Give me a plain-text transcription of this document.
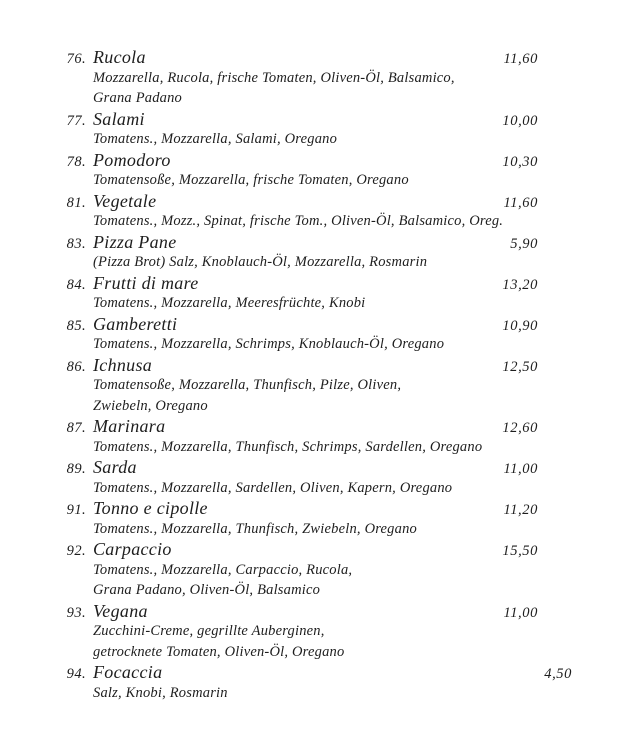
76. Rucola	11,60
Mozzarella, Rucola, frische Tomaten, Oliven-Öl, Balsamico,
Grana Padano
77. Salami	10,00
Tomatens., Mozzarella, Salami, Oregano
78. Pomodoro	10,30
Tomatensoße, Mozzarella, frische Tomaten, Oregano
81. Vegetale	11,60
Tomatens., Mozz., Spinat, frische Tom., Oliven-Öl, Balsamico, Oreg.
83. Pizza Pane	5,90
(Pizza Brot) Salz, Knoblauch-Öl, Mozzarella, Rosmarin
84. Frutti di mare	13,20
Tomatens., Mozzarella, Meeresfrüchte, Knobi
85. Gamberetti	10,90
Tomatens., Mozzarella, Schrimps, Knoblauch-Öl, Oregano
86. Ichnusa	12,50
Tomatensoße, Mozzarella, Thunfisch, Pilze, Oliven,
Zwiebeln, Oregano
87. Marinara	12,60
Tomatens., Mozzarella, Thunfisch, Schrimps, Sardellen, Oregano
89. Sarda	11,00
Tomatens., Mozzarella, Sardellen, Oliven, Kapern, Oregano
91. Tonno e cipolle	11,20
Tomatens., Mozzarella, Thunfisch, Zwiebeln, Oregano
92. Carpaccio	15,50
Tomatens., Mozzarella, Carpaccio, Rucola,
Grana Padano, Oliven-Öl, Balsamico
93. Vegana	11,00
Zucchini-Creme, gegrillte Auberginen,
getrocknete Tomaten, Oliven-Öl, Oregano
94. Focaccia	4,50
Salz, Knobi, Rosmarin
